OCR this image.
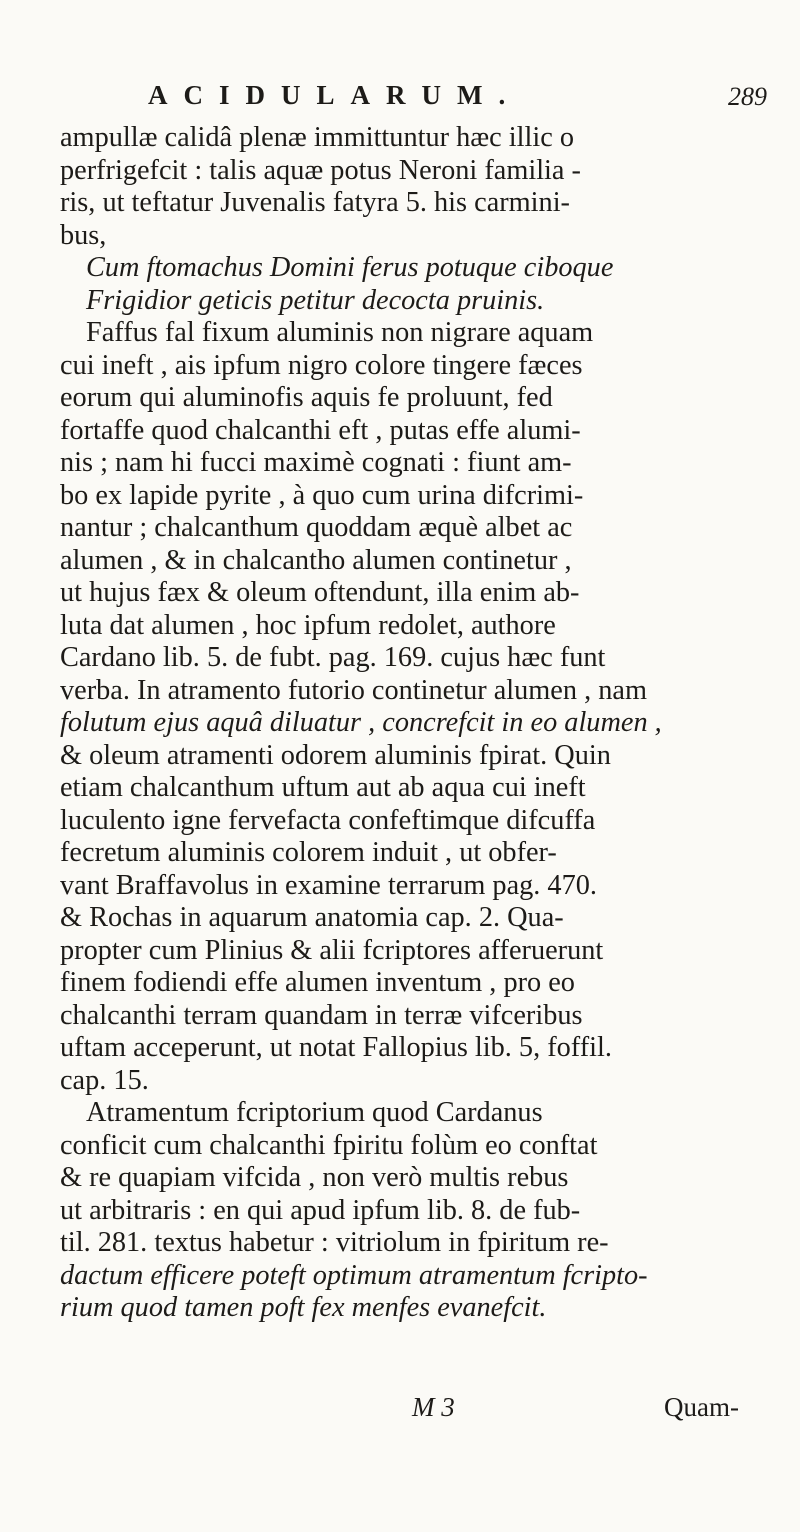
ACIDULARUM.	289
ampullæ calidâ plenæ immittuntur hæc illic o
perfrigefcit : talis aquæ potus Neroni familia -
ris, ut teftatur Juvenalis fatyra 5. his carmini-
bus,
Cum ftomachus Domini ferus potuque ciboque
Frigidior geticis petitur decocta pruinis.
Faffus fal fixum aluminis non nigrare aquam
cui ineft , ais ipfum nigro colore tingere fæces
eorum qui aluminofis aquis fe proluunt, fed
fortaffe quod chalcanthi eft , putas effe alumi-
nis ; nam hi fucci maximè cognati : fiunt am-
bo ex lapide pyrite , à quo cum urina difcrimi-
nantur ; chalcanthum quoddam æquè albet ac
alumen , & in chalcantho alumen continetur ,
ut hujus fæx & oleum oftendunt, illa enim ab-
luta dat alumen , hoc ipfum redolet, authore
Cardano lib. 5. de fubt. pag. 169. cujus hæc funt
verba. In atramento futorio continetur alumen , nam
folutum ejus aquâ diluatur , concrefcit in eo alumen ,
& oleum atramenti odorem aluminis fpirat. Quin
etiam chalcanthum uftum aut ab aqua cui ineft
luculento igne fervefacta confeftimque difcuffa
fecretum aluminis colorem induit , ut obfer-
vant Braffavolus in examine terrarum pag. 470.
& Rochas in aquarum anatomia cap. 2. Qua-
propter cum Plinius & alii fcriptores afferuerunt
finem fodiendi effe alumen inventum , pro eo
chalcanthi terram quandam in terræ vifceribus
uftam acceperunt, ut notat Fallopius lib. 5, foffil.
cap. 15.
Atramentum fcriptorium quod Cardanus
conficit cum chalcanthi fpiritu folùm eo conftat
& re quapiam vifcida , non verò multis rebus
ut arbitraris : en qui apud ipfum lib. 8. de fub-
til. 281. textus habetur : vitriolum in fpiritum re-
dactum efficere poteft optimum atramentum fcripto-
rium quod tamen poft fex menfes evanefcit.
M 3	Quam-
